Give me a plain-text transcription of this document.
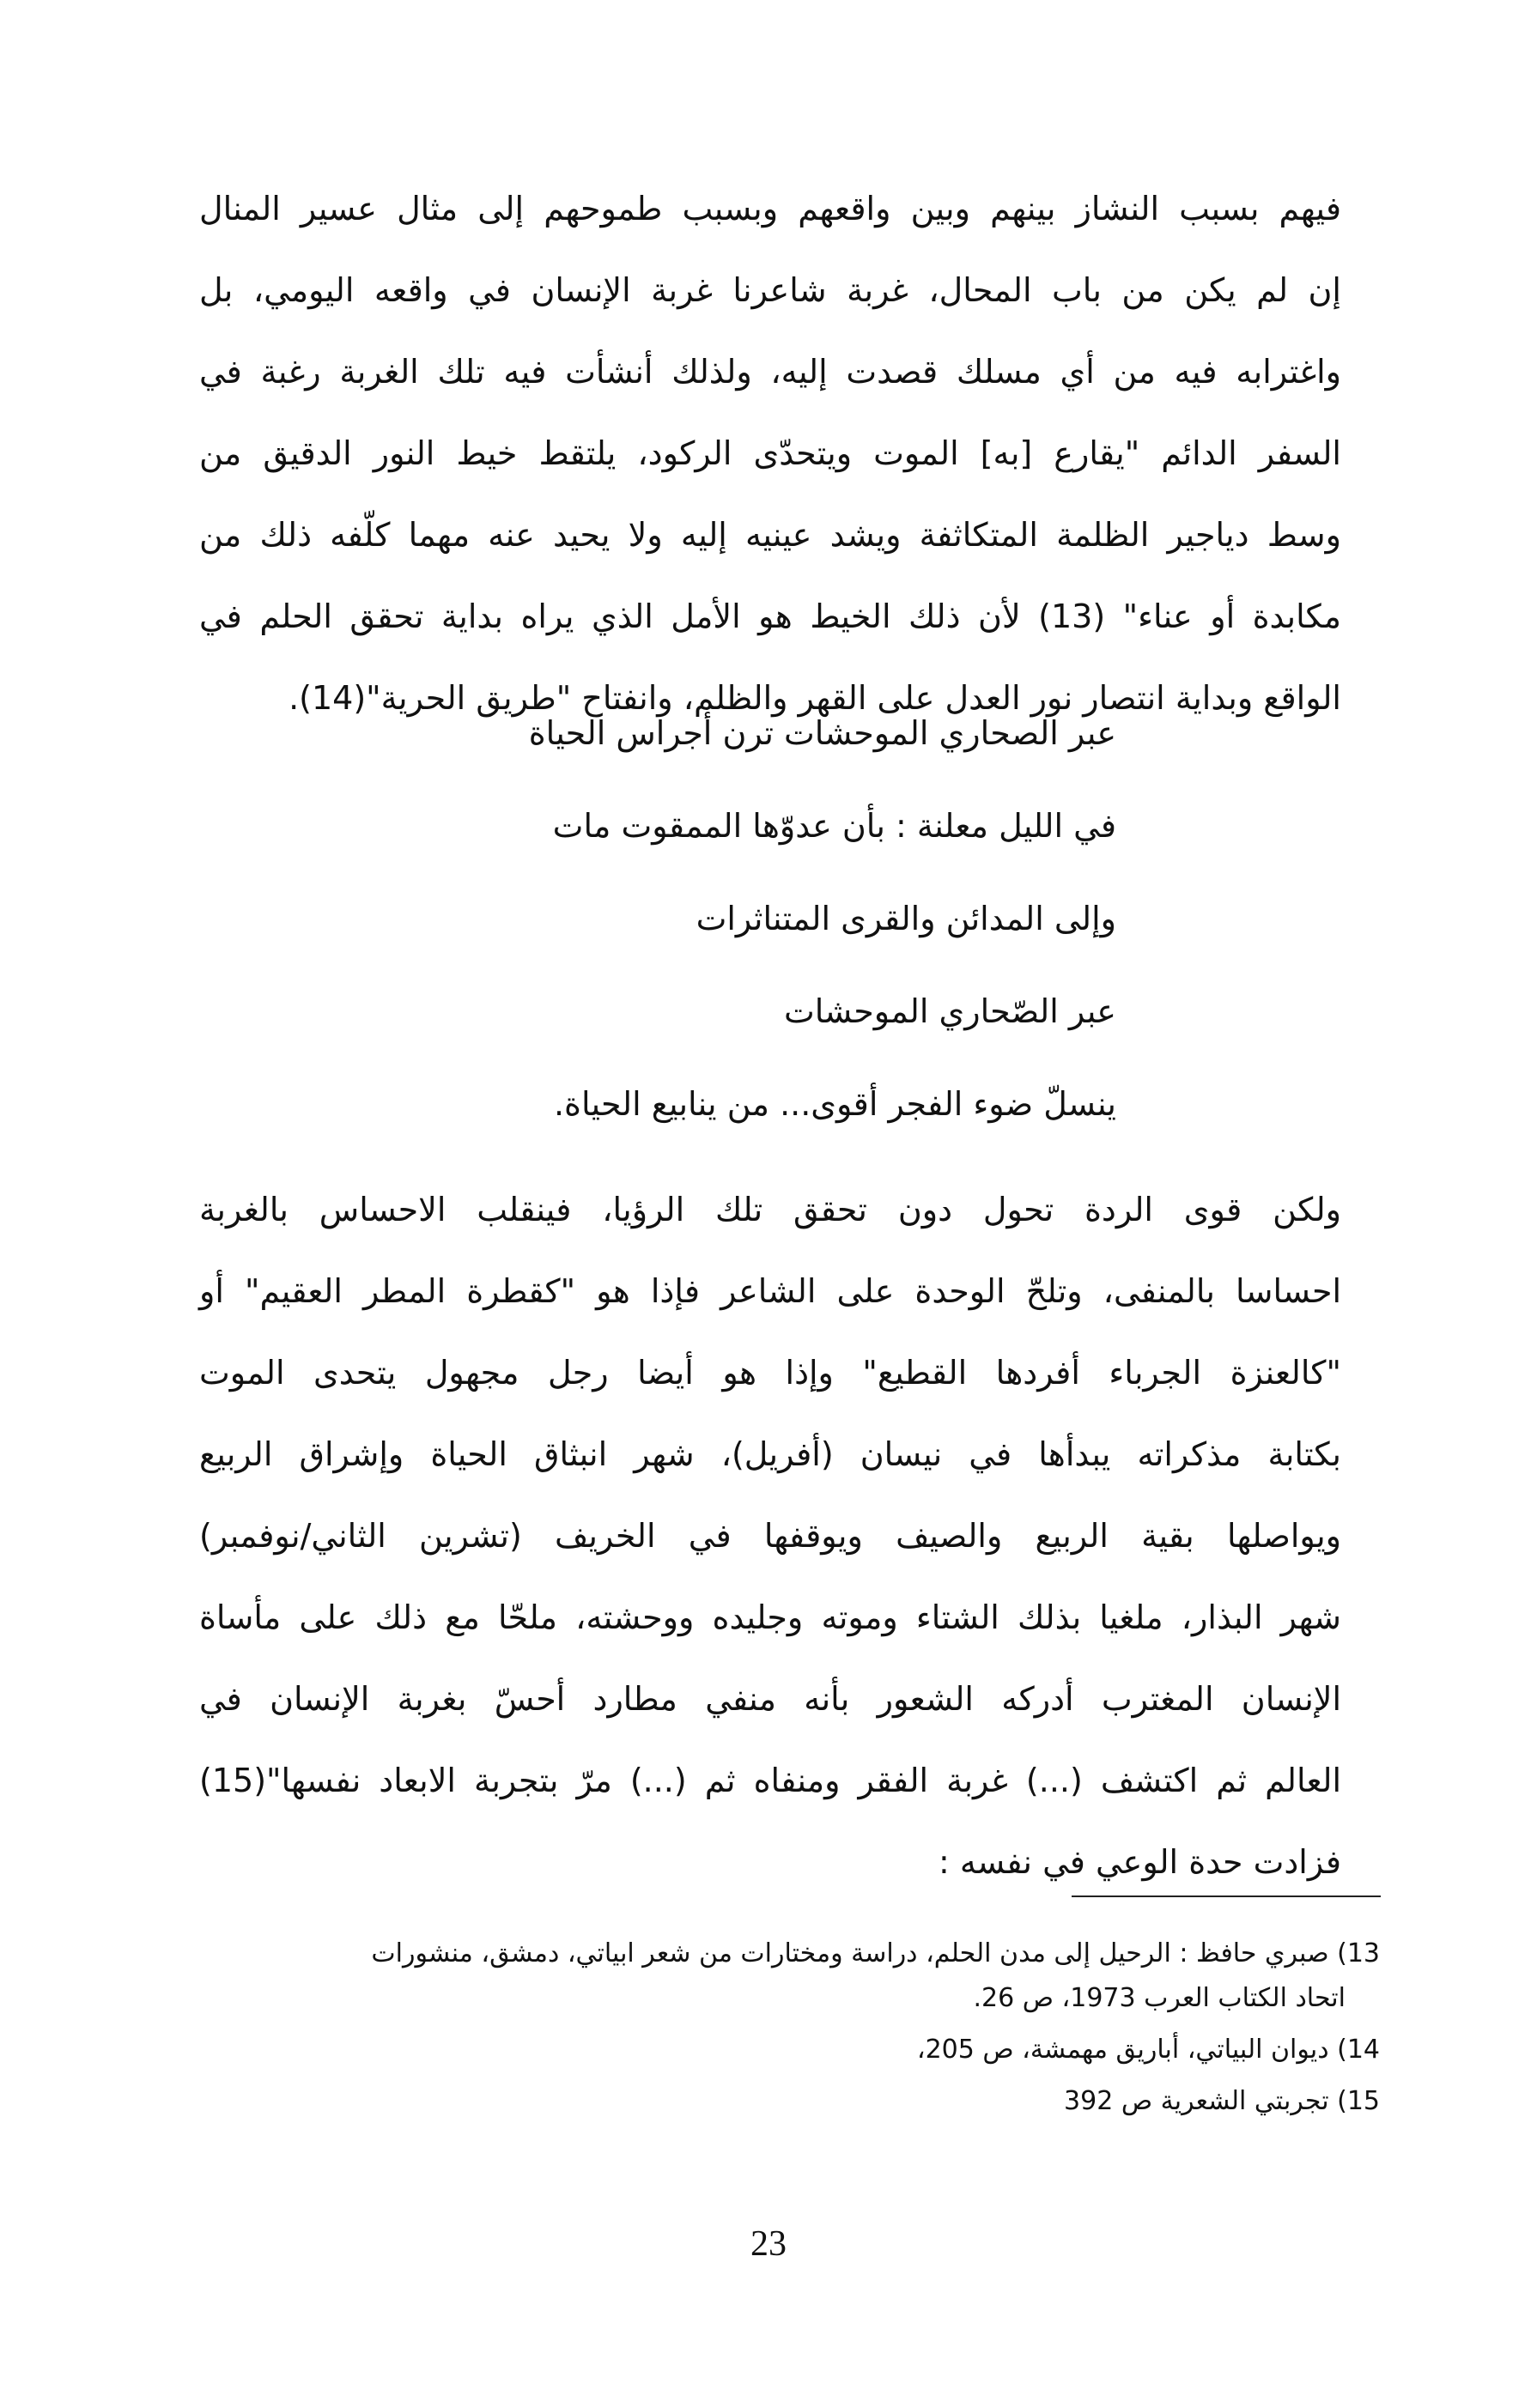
فيهم بسبب النشاز بينهم وبين واقعهم وبسبب طموحهم إلى مثال عسير المنال
إن لم يكن من باب المحال، غربة شاعرنا غربة الإنسان في واقعه اليومي، بل
واغترابه فيه من أي مسلك قصدت إليه، ولذلك أنشأت فيه تلك الغربة رغبة في
السفر الدائم "يقارع [به] الموت ويتحدّى الركود، يلتقط خيط النور الدقيق من
وسط دياجير الظلمة المتكاثفة ويشد عينيه إليه ولا يحيد عنه مهما كلّفه ذلك من
مكابدة أو عناء" (13) لأن ذلك الخيط هو الأمل الذي يراه بداية تحقق الحلم في
الواقع وبداية انتصار نور العدل على القهر والظلم، وانفتاح "طريق الحرية"(14).
عبر الصحاري الموحشات ترن أجراس الحياة
في الليل معلنة : بأن عدوّها الممقوت مات
وإلى المدائن والقرى المتناثرات
عبر الصّحاري الموحشات
ينسلّ ضوء الفجر أقوى... من ينابيع الحياة.
ولكن قوى الردة تحول دون تحقق تلك الرؤيا، فينقلب الاحساس بالغربة
احساسا بالمنفى، وتلحّ الوحدة على الشاعر فإذا هو "كقطرة المطر العقيم" أو
"كالعنزة الجرباء أفردها القطيع" وإذا هو أيضا رجل مجهول يتحدى الموت
بكتابة مذكراته يبدأها في نيسان (أفريل)، شهر انبثاق الحياة وإشراق الربيع
ويواصلها بقية الربيع والصيف ويوقفها في الخريف (تشرين الثاني/نوفمبر)
شهر البذار، ملغيا بذلك الشتاء وموته وجليده ووحشته، ملحّا مع ذلك على مأساة
الإنسان المغترب أدركه الشعور بأنه منفي مطارد أحسّ بغربة الإنسان في
العالم ثم اكتشف (...) غربة الفقر ومنفاه ثم (...) مرّ بتجربة الابعاد نفسها"(15)
فزادت حدة الوعي في نفسه :
13) صبري حافظ : الرحيل إلى مدن الحلم، دراسة ومختارات من شعر ابياتي، دمشق، منشورات
اتحاد الكتاب العرب 1973، ص 26.
14) ديوان البياتي، أباريق مهمشة، ص 205،
15) تجربتي الشعرية ص 392
23
